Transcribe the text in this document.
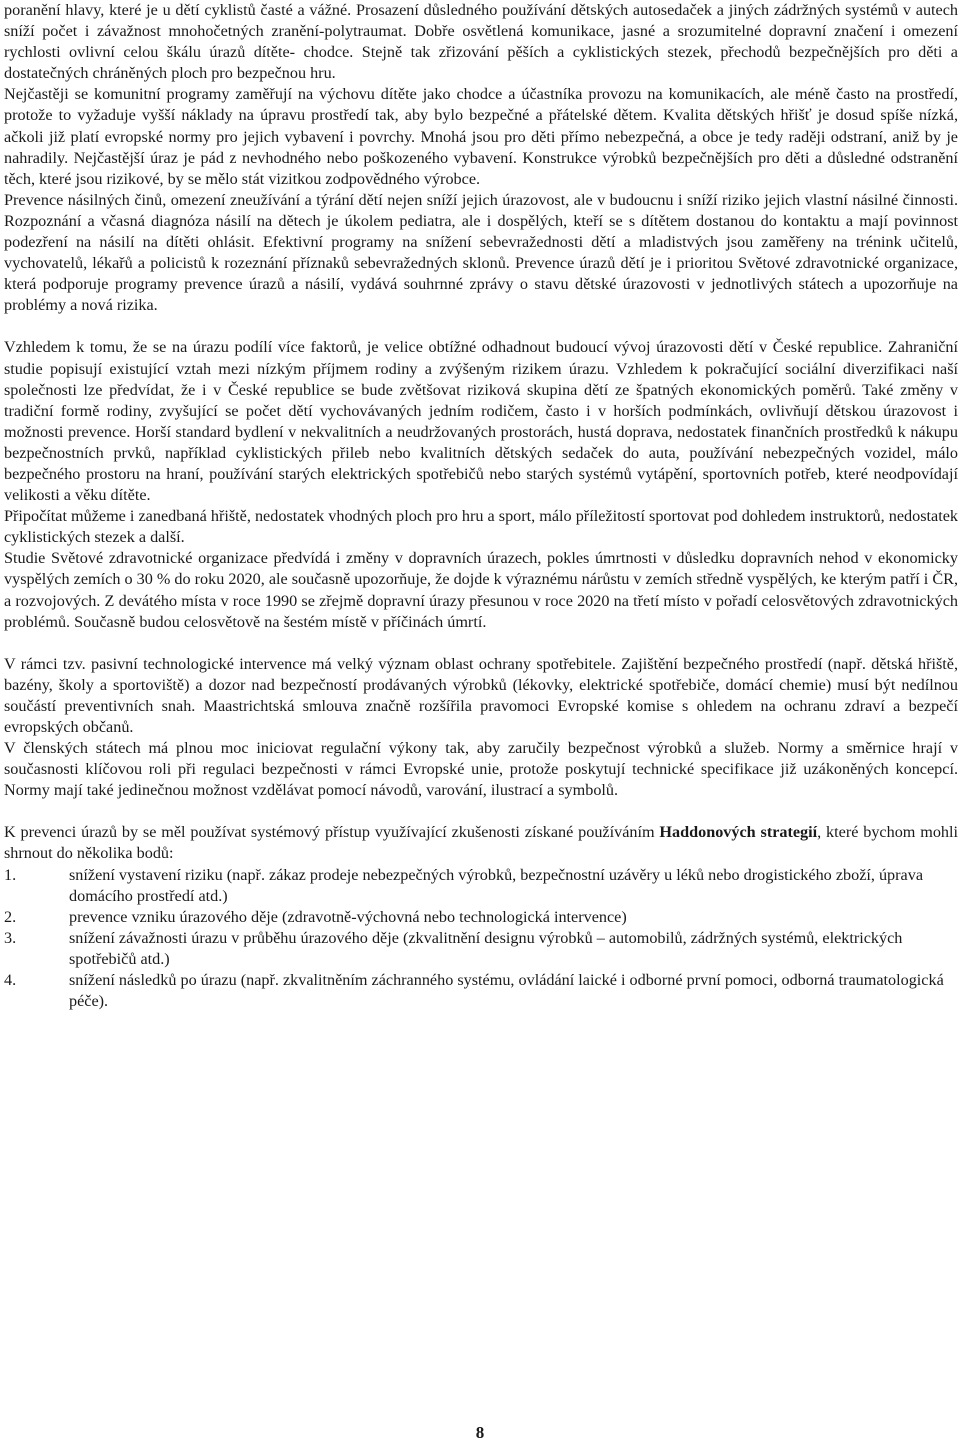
poranění hlavy, které je u dětí cyklistů časté a vážné. Prosazení důsledného používání dětských autosedaček a jiných zádržných systémů v autech sníží počet i závažnost mnohočetných zranění-polytraumat. Dobře osvětlená komunikace, jasné a srozumitelné dopravní značení i omezení rychlosti ovlivní celou škálu úrazů dítěte- chodce. Stejně tak zřizování pěších a cyklistických stezek, přechodů bezpečnějších pro děti a dostatečných chráněných ploch pro bezpečnou hru.

Nejčastěji se komunitní programy zaměřují na výchovu dítěte jako chodce a účastníka provozu na komunikacích, ale méně často na prostředí, protože to vyžaduje vyšší náklady na úpravu prostředí tak, aby bylo bezpečné a přátelské dětem. Kvalita dětských hřišť je dosud spíše nízká, ačkoli již platí evropské normy pro jejich vybavení i povrchy. Mnohá jsou pro děti přímo nebezpečná, a obce je tedy raději odstraní, aniž by je nahradily. Nejčastější úraz je pád z nevhodného nebo poškozeného vybavení. Konstrukce výrobků bezpečnějších pro děti a důsledné odstranění těch, které jsou rizikové, by se mělo stát vizitkou zodpovědného výrobce.

Prevence násilných činů, omezení zneužívání a týrání dětí nejen sníží jejich úrazovost, ale v budoucnu i sníží riziko jejich vlastní násilné činnosti. Rozpoznání a včasná diagnóza násilí na dětech je úkolem pediatra, ale i dospělých, kteří se s dítětem dostanou do kontaktu a mají povinnost podezření na násilí na dítěti ohlásit. Efektivní programy na snížení sebevražednosti dětí a mladistvých jsou zaměřeny na trénink učitelů, vychovatelů, lékařů a policistů k rozeznání příznaků sebevražedných sklonů. Prevence úrazů dětí je i prioritou Světové zdravotnické organizace, která podporuje programy prevence úrazů a násilí, vydává souhrnné zprávy o stavu dětské úrazovosti v jednotlivých státech a upozorňuje na problémy a nová rizika.

Vzhledem k tomu, že se na úrazu podílí více faktorů, je velice obtížné odhadnout budoucí vývoj úrazovosti dětí v České republice. Zahraniční studie popisují existující vztah mezi nízkým příjmem rodiny a zvýšeným rizikem úrazu. Vzhledem k pokračující sociální diverzifikaci naší společnosti lze předvídat, že i v České republice se bude zvětšovat riziková skupina dětí ze špatných ekonomických poměrů. Také změny v tradiční formě rodiny, zvyšující se počet dětí vychovávaných jedním rodičem, často i v horších podmínkách, ovlivňují dětskou úrazovost i možnosti prevence. Horší standard bydlení v nekvalitních a neudržovaných prostorách, hustá doprava, nedostatek finančních prostředků k nákupu bezpečnostních prvků, například cyklistických přileb nebo kvalitních dětských sedaček do auta, používání nebezpečných vozidel, málo bezpečného prostoru na hraní, používání starých elektrických spotřebičů nebo starých systémů vytápění, sportovních potřeb, které neodpovídají velikosti a věku dítěte.

Připočítat můžeme i zanedbaná hřiště, nedostatek vhodných ploch pro hru a sport, málo příležitostí sportovat pod dohledem instruktorů, nedostatek cyklistických stezek a další.

Studie Světové zdravotnické organizace předvídá i změny v dopravních úrazech, pokles úmrtnosti v důsledku dopravních nehod v ekonomicky vyspělých zemích o 30 % do roku 2020, ale současně upozorňuje, že dojde k výraznému nárůstu v zemích středně vyspělých, ke kterým patří i ČR, a rozvojových. Z devátého místa v roce 1990 se zřejmě dopravní úrazy přesunou v roce 2020 na třetí místo v pořadí celosvětových zdravotnických problémů. Současně budou celosvětově na šestém místě v příčinách úmrtí.

V rámci tzv. pasivní technologické intervence má velký význam oblast ochrany spotřebitele. Zajištění bezpečného prostředí (např. dětská hřiště, bazény, školy a sportoviště) a dozor nad bezpečností prodávaných výrobků (lékovky, elektrické spotřebiče, domácí chemie) musí být nedílnou součástí preventivních snah. Maastrichtská smlouva značně rozšířila pravomoci Evropské komise s ohledem na ochranu zdraví a bezpečí evropských občanů.

V členských státech má plnou moc iniciovat regulační výkony tak, aby zaručily bezpečnost výrobků a služeb. Normy a směrnice hrají v současnosti klíčovou roli při regulaci bezpečnosti v rámci Evropské unie, protože poskytují technické specifikace již uzákoněných koncepcí. Normy mají také jedinečnou možnost vzdělávat pomocí návodů, varování, ilustrací a symbolů.

K prevenci úrazů by se měl používat systémový přístup využívající zkušenosti získané používáním Haddonových strategií, které bychom mohli shrnout do několika bodů:

1.	snížení vystavení riziku (např. zákaz prodeje nebezpečných výrobků, bezpečnostní uzávěry u léků nebo drogistického zboží, úprava domácího prostředí atd.)
2.	prevence vzniku úrazového děje (zdravotně-výchovná nebo technologická intervence)
3.	snížení závažnosti úrazu v průběhu úrazového děje (zkvalitnění designu výrobků – automobilů, zádržných systémů, elektrických spotřebičů atd.)
4.	snížení následků po úrazu (např. zkvalitněním záchranného systému, ovládání laické i odborné první pomoci, odborná traumatologická péče).
8
